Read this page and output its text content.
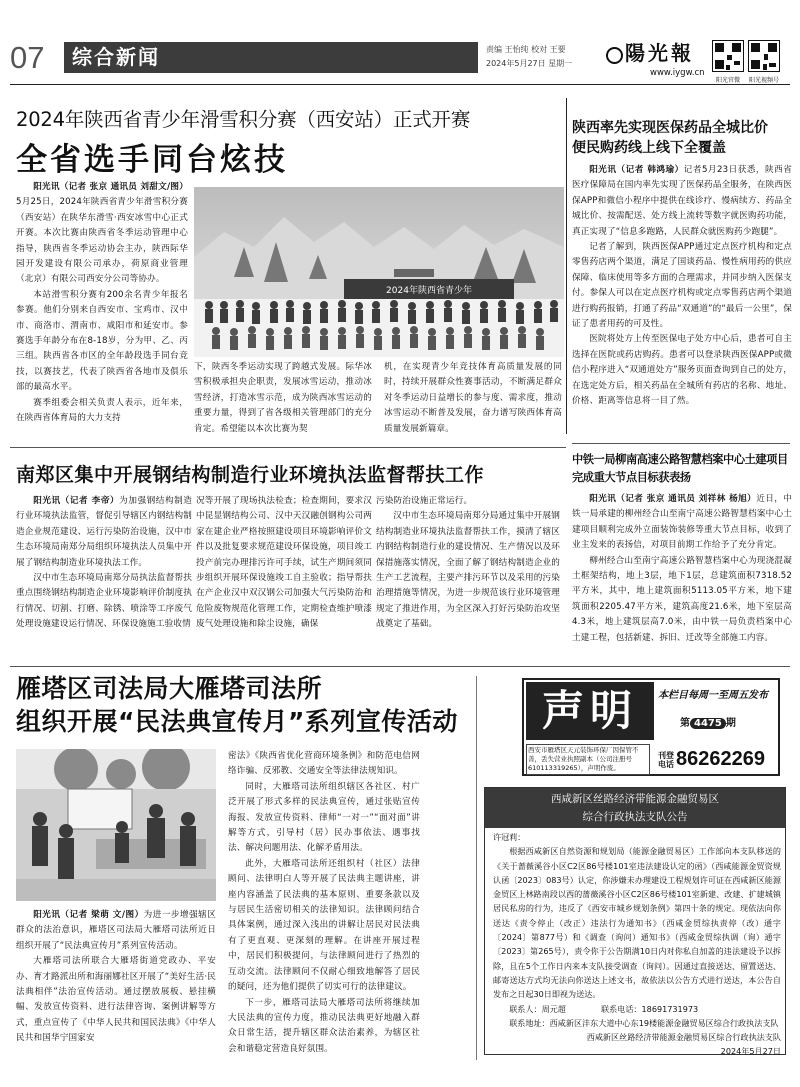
07	综合新闻	责编 王怡纯 校对 王要
2024年5月27日 星期一	陽光報
www.iygw.cn
阳光官微	阳光视频号
2024年陕西省青少年滑雪积分赛（西安站）正式开赛
全省选手同台炫技

阳光讯（记者 张京 通讯员 刘甜文/图）5月25日，2024年陕西省青少年滑雪积分赛（西安站）在陕华东滑雪·西安冰雪中心正式开赛。本次比赛由陕西省冬季运动管理中心指导，陕西省冬季运动协会主办，陕西际华园开发建设有限公司承办，荷原商业管理（北京）有限公司西安分公司等协办。

本站滑雪积分赛有200余名青少年报名参赛。他们分别来自西安市、宝鸡市、汉中市、商洛市、渭南市、咸阳市和延安市。参赛选手年龄分布在8-18岁，分为甲、乙、丙三组。陕西省各市区的全年龄段选手同台竞技，以赛技艺，代表了陕西省各地市及俱乐部的最高水平。

赛季组委会相关负责人表示，近年来，在陕西省体育局的大力支持

2024年陕西省青少年

下，陕西冬季运动实现了跨越式发展。际华冰雪积极承担央企职责，发展冰雪运动，推动冰雪经济，打造冰雪示范，成为陕西冰雪运动的重要力量，得到了省各级相关管理部门的充分肯定。希望能以本次比赛为契

机，在实现青少年竞技体育高质量发展的同时，持续开展群众性赛事活动，不断满足群众对冬季运动日益增长的参与度、需求度，推动冰雪运动不断普及发展，奋力谱写陕西体育高质量发展新篇章。

陕西率先实现医保药品全城比价
便民购药线上线下全覆盖

阳光讯（记者 韩鸿瑜）记者5月23日获悉，陕西省医疗保障局在国内率先实现了医保药品全服务，在陕西医保APP和微信小程序中提供在线诊疗、慢病续方、药品全城比价、按需配送、处方线上流转等数字就医购药功能，真正实现了“信息多跑路，人民群众就医购药少跑腿”。

记者了解到，陕西医保APP通过定点医疗机构和定点零售药店两个渠道，满足了国谈药品、慢性病用药的供应保障、临床使用等多方面的合理需求，并同步纳入医保支付。参保人可以在定点医疗机构或定点零售药店两个渠道进行购药报销，打通了药品“双通道”的“最后一公里”，保证了患者用药的可及性。

医院将处方上传至医保电子处方中心后，患者可自主选择在医院或药店购药。患者可以登录陕西医保APP或微信小程序进入“双通道处方”服务页面查询到自己的处方，在选定处方后，相关药品在全城所有药店的名称、地址、价格、距离等信息将一目了然。

中铁一局柳南高速公路智慧档案中心土建项目
完成重大节点目标获表扬

阳光讯（记者 张京 通讯员 刘祥林 杨旭）近日，中铁一局承建的柳州经合山至南宁高速公路智慧档案中心土建项目顺利完成外立面装饰装修等重大节点目标，收到了业主发来的表扬信，对项目前期工作给予了充分肯定。

柳州经合山至南宁高速公路智慧档案中心为现浇混凝土框架结构，地上3层，地下1层，总建筑面积7318.52平方米，其中，地上建筑面积5113.05平方米，地下建筑面积2205.47平方米，建筑高度21.6米，地下室层高4.3米，地上建筑层高7.0米，由中铁一局负责档案中心土建工程，包括新建、拆旧、迁改等全部施工内容。

南郑区集中开展钢结构制造行业环境执法监督帮扶工作

阳光讯（记者 李帝）为加强钢结构制造行业环境执法监管，督促引导辖区内钢结构制造企业规范建设、运行污染防治设施，汉中市生态环境局南郑分局组织环境执法人员集中开展了钢结构制造业环境执法工作。

汉中市生态环境局南郑分局执法监督帮扶重点围绕钢结构制造企业环境影响评价制度执行情况、切割、打磨、除锈、喷涂等工序废气处理设施建设运行情况、环保设施施工验收情

况等开展了现场执法检查；检查期间，要求汉中昆显钢结构公司、汉中天汉融创钢构公司两家在建企业严格按照建设项目环境影响评价文件以及批复要求规范建设环保设施，项目竣工投产前完办理排污许可手续，试生产期间须同步组织开展环保设施竣工自主验收；指导帮扶在产企业汉中双汉钢公司加强大气污染防治和危险废物规范化管理工作，定期检查维护喷漆废气处理设施和除尘设施，确保

污染防治设施正常运行。

汉中市生态环境局南郑分局通过集中开展钢结构制造业环境执法监督帮扶工作，摸清了辖区内钢结构制造行业的建设情况、生产情况以及环保措施落实情况，全面了解了钢结构制造企业的生产工艺流程，主要产排污环节以及采用的污染治理措施等情况，为进一步规范该行业环境管理规定了推进作用，为全区深入打好污染防治攻坚战奠定了基础。

雁塔区司法局大雁塔司法所
组织开展“民法典宣传月”系列宣传活动

阳光讯（记者 梁萌 文/图）为进一步增强辖区群众的法治意识，雁塔区司法局大雁塔司法所近日组织开展了“民法典宣传月”系列宣传活动。

大雁塔司法所联合大雁塔街道党政办、平安办、育才路派出所和海丽娜社区开展了“美好生活·民法典相伴”法治宣传活动。通过摆放展板、悬挂横幅、发放宣传资料、进行法律咨询、案例讲解等方式，重点宣传了《中华人民共和国民法典》《中华人民共和国华宁国家安

密法》《陕西省优化营商环境条例》和防范电信网络诈骗、反邪教、交通安全等法律法规知识。

同时，大雁塔司法所组织辖区各社区、村广泛开展了形式多样的民法典宣传，通过张贴宣传海报、发放宣传资料、律师“一对一”“面对面”讲解等方式，引导村（居）民办事依法、遇事找法、解决问题用法、化解矛盾用法。

此外，大雁塔司法所还组织村（社区）法律顾问、法律明白人等开展了民法典主题讲座，讲座内容涵盖了民法典的基本原则、重要条款以及与居民生活密切相关的法律知识。法律顾问结合具体案例，通过深入浅出的讲解让居民对民法典有了更直观、更深刻的理解。在讲座开展过程中，居民们积极提问，与法律顾问进行了热烈的互动交流。法律顾问不仅耐心细致地解答了居民的疑问，还为他们提供了切实可行的法律建议。

下一步，雁塔司法局大雁塔司法所将继续加大民法典的宣传力度，推动民法典更好地融入群众日常生活，提升辖区群众法治素养，为辖区社会和谐稳定营造良好氛围。

声明	本栏目每周一至周五发布
第 4475 期
西安市雁塔区天元装饰环保厂因保管不善，丢失营业执照副本（公司注册号610113319265），声明作废。
刊登电话 86262269
西咸新区丝路经济带能源金融贸易区
综合行政执法支队公告
许冠莉：

根据西咸新区自然资源和规划局（能源金融贸易区）工作部向本支队移送的《关于蔷薇溪谷小区C2区86号楼101室违法建设认定的函》（西咸能源金贸资规认函〔2023〕083号）认定，你涉嫌未办理建设工程规划许可证在西咸新区能源金贸区上林路南段以西的蔷薇溪谷小区C2区86号楼101室新建、改建、扩建城镇居民私房的行为，违反了《西安市城乡规划条例》第四十条的规定。现依法向你送达《责令停止（改正）违法行为通知书》（西咸金贸综执责停（改）通字〔2024〕第877号）和《调查（询问）通知书》（西咸金贸综执调（询）通字〔2023〕第265号），责令你于公告期满10日内对你私自加盖的违法建设予以拆除，且在5个工作日内来本支队接受调查（询问）。因通过直接送达、留置送达、邮寄送达方式均无法向你送达上述文书，故依法以公告方式进行送达，本公告自发布之日起30日即视为送达。

联系人：周元超	联系电话：18691731973
联系地址：西咸新区沣东大道中心东19楼能源金融贸易区综合行政执法支队
西咸新区丝路经济带能源金融贸易区综合行政执法支队
2024年5月27日
